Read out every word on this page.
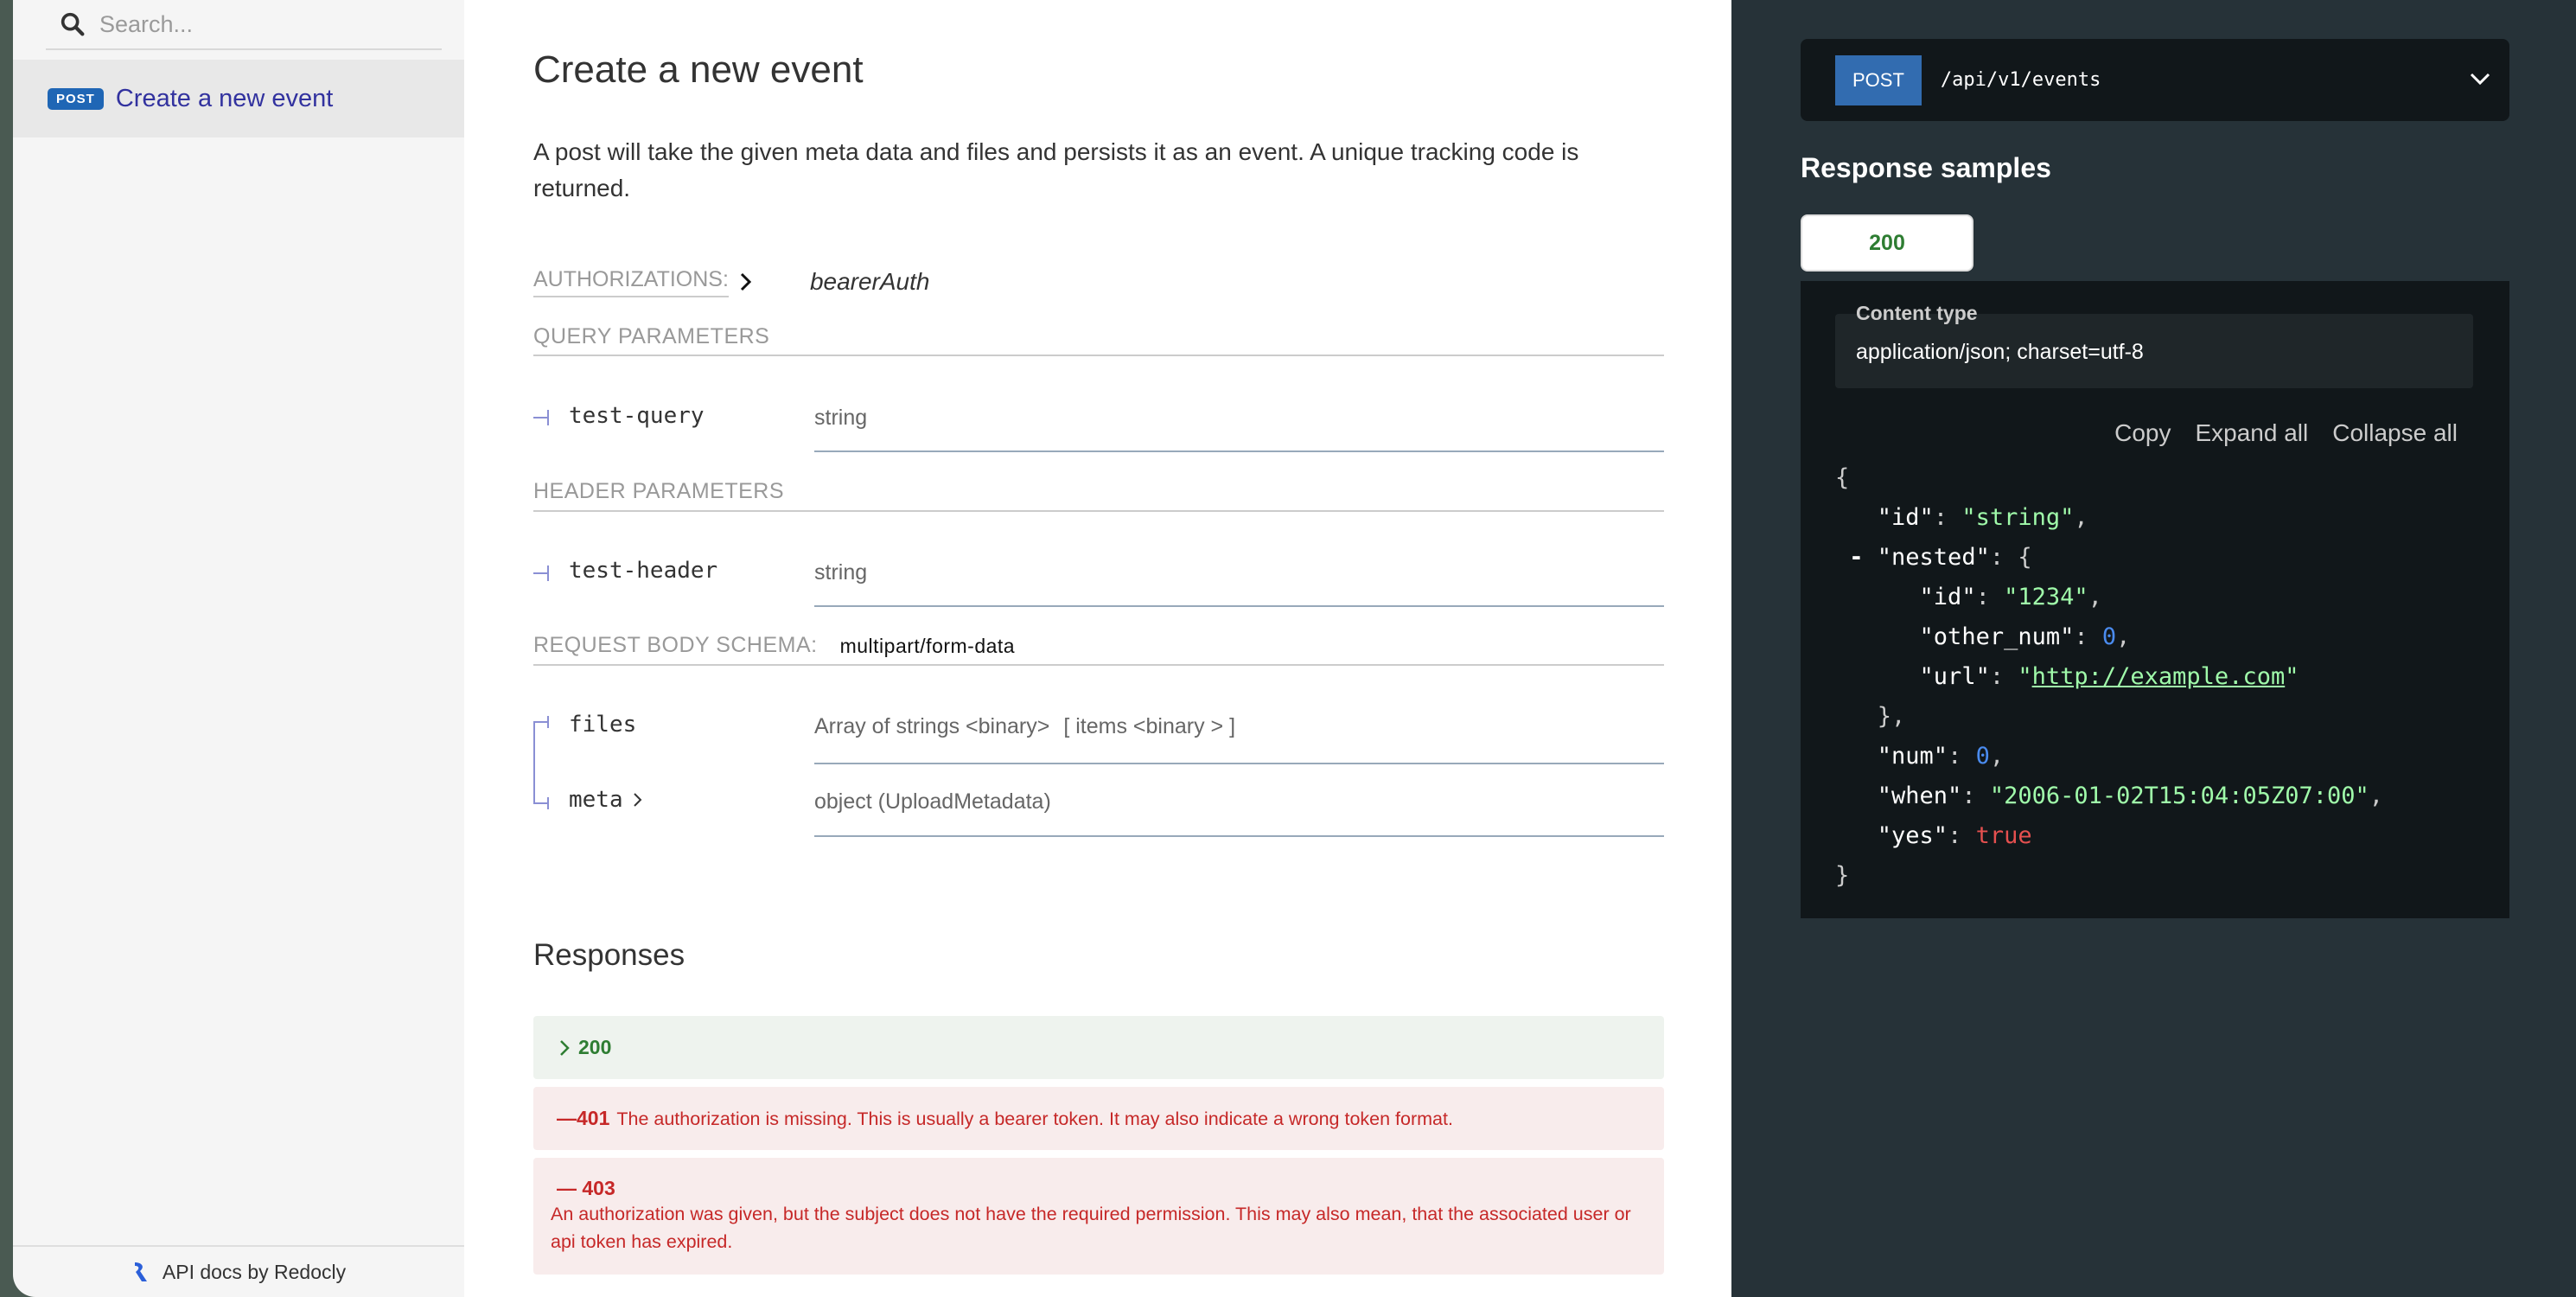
Search...
POST Create a new event
API docs by Redocly
Create a new event

A post will take the given meta data and files and persists it as an event. A unique tracking code is returned.

AUTHORIZATIONS:	bearerAuth
QUERY PARAMETERS
test-query	string
HEADER PARAMETERS
test-header	string
REQUEST BODY SCHEMA: multipart/form-data
files	Array of strings <binary> [ items <binary > ]
meta	object (UploadMetadata)
Responses
200
— 401 The authorization is missing. This is usually a bearer token. It may also indicate a wrong token format.
— 403
An authorization was given, but the subject does not have the required permission. This may also mean, that the associated user or api token has expired.
POST	/api/v1/events
Response samples
200
Content type
application/json; charset=utf-8
Copy Expand all Collapse all
{
"id": "string",
- "nested": {
"id": "1234",
"other_num": 0,
"url": "http://example.com"
},
"num": 0,
"when": "2006-01-02T15:04:05Z07:00",
"yes": true
}
